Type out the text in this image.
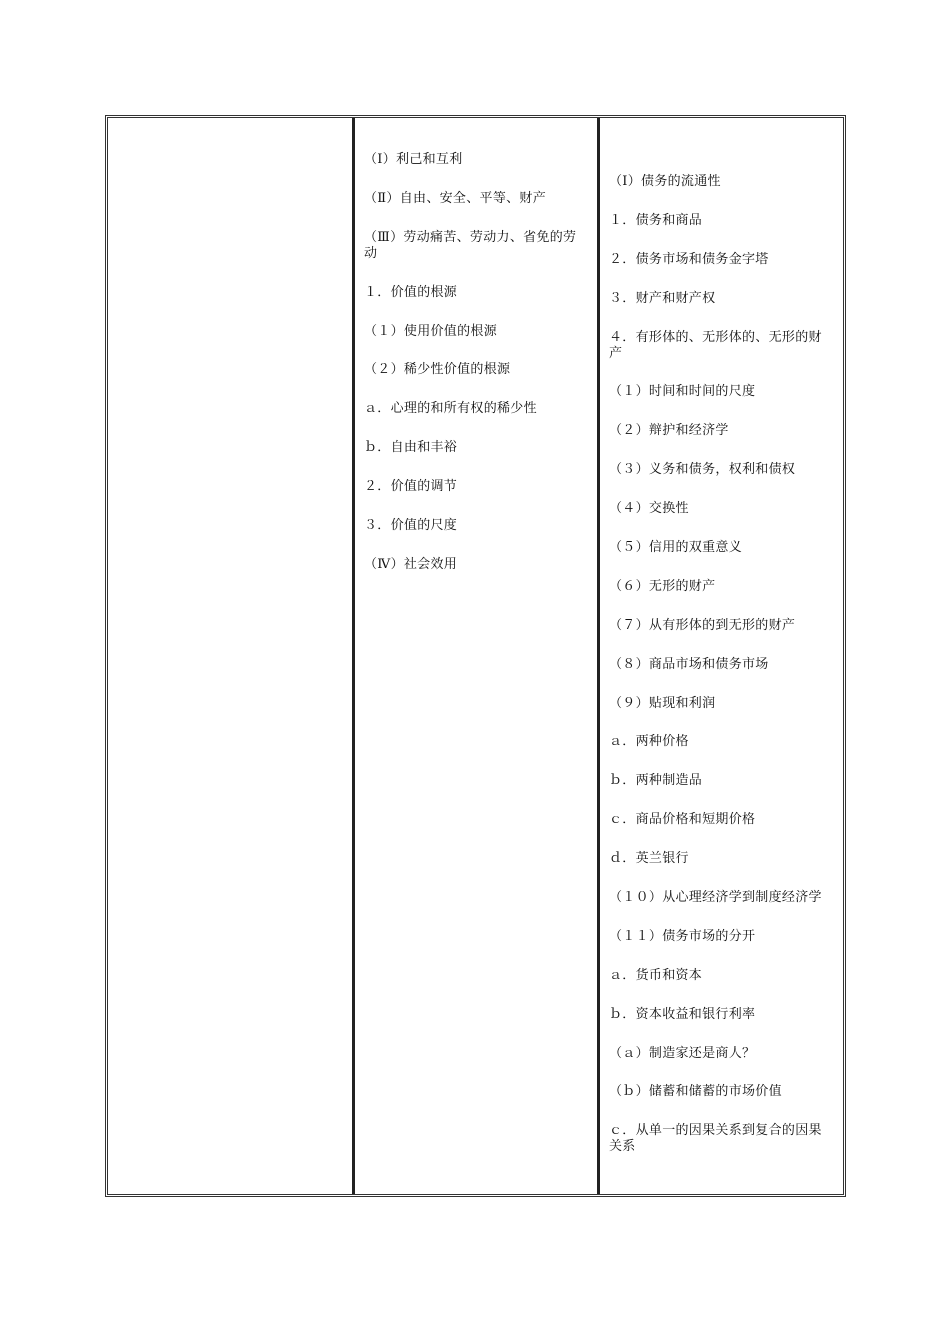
（Ⅰ）利己和互利

（Ⅱ）自由、安全、平等、财产

（Ⅲ）劳动痛苦、劳动力、省免的劳动

１．价值的根源

（１）使用价值的根源

（２）稀少性价值的根源

ａ．心理的和所有权的稀少性

ｂ．自由和丰裕

２．价值的调节

３．价值的尺度

（Ⅳ）社会效用

（Ⅰ）债务的流通性

１．债务和商品

２．债务市场和债务金字塔

３．财产和财产权

４．有形体的、无形体的、无形的财产

（１）时间和时间的尺度

（２）辩护和经济学

（３）义务和债务，权利和债权

（４）交换性

（５）信用的双重意义

（６）无形的财产

（７）从有形体的到无形的财产

（８）商品市场和债务市场

（９）贴现和利润

ａ．两种价格

ｂ．两种制造品

ｃ．商品价格和短期价格

ｄ．英兰银行

（１０）从心理经济学到制度经济学

（１１）债务市场的分开

ａ．货币和资本

ｂ．资本收益和银行利率

（ａ）制造家还是商人？

（ｂ）储蓄和储蓄的市场价值

ｃ．从单一的因果关系到复合的因果关系
